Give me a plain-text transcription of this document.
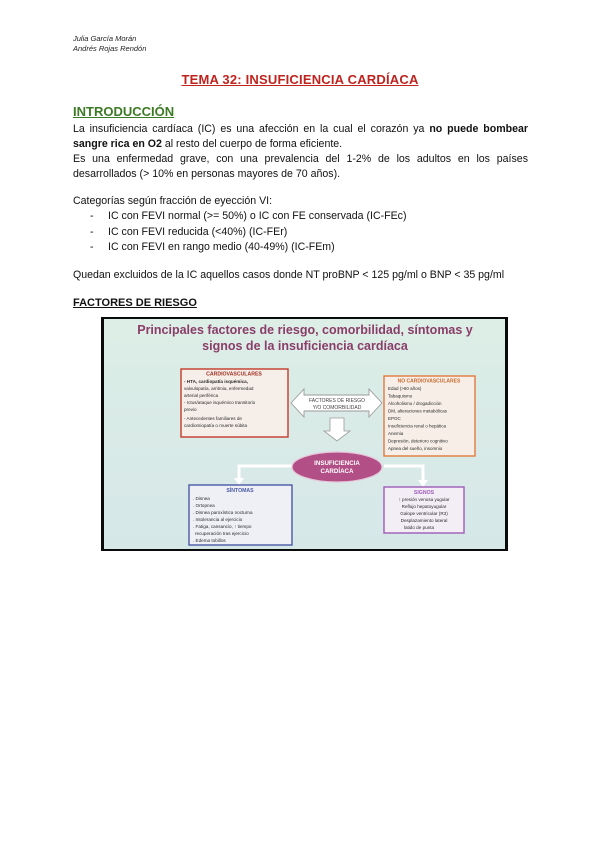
Julia García Morán
Andrés Rojas Rendón
TEMA 32: INSUFICIENCIA CARDÍACA
INTRODUCCIÓN
La insuficiencia cardíaca (IC) es una afección en la cual el corazón ya no puede bombear sangre rica en O2 al resto del cuerpo de forma eficiente.
Es una enfermedad grave, con una prevalencia del 1-2% de los adultos en los países desarrollados (> 10% en personas mayores de 70 años).
Categorías según fracción de eyección VI:
- IC con FEVI normal (>= 50%) o IC con FE conservada (IC-FEc)
- IC con FEVI reducida (<40%) (IC-FEr)
- IC con FEVI en rango medio (40-49%) (IC-FEm)
Quedan excluidos de la IC aquellos casos donde NT proBNP < 125 pg/ml o BNP < 35 pg/ml
FACTORES DE RIESGO
Principales factores de riesgo, comorbilidad, síntomas y
signos de la insuficiencia cardíaca
CARDIOVASCULARES
- HTA, cardiopatía isquémica,
valvulopatía, arritmia, enfermedad
arterial periférica
- Ictus/ataque isquémico transitorio
previo
- Antecedentes familiares de
cardiomiopatía o muerte súbita
FACTORES DE RIESGO
Y/O COMORBILIDAD
NO CARDIOVASCULARES
Edad (>60 años)
Tabaquismo
Alcoholismo / drogadicción
DM, alteraciones metabólicas
EPOC
Insuficiencia renal o hepática
Anemia
Depresión, deterioro cognitivo
Apnea del sueño, insomnio
INSUFICIENCIA
CARDÍACA
SÍNTOMAS
. Disnea
. Ortopnea
. Disnea paroxística nocturna
. Intolerancia al ejercicio
. Fatiga, cansancio, ↑ tiempo
recuperación tras ejercicio
. Edema tobillos
SIGNOS
↑ presión venosa yugular
Reflujo hepatoyugular
Galope ventricular (R3)
Desplazamiento lateral
latido de punta
